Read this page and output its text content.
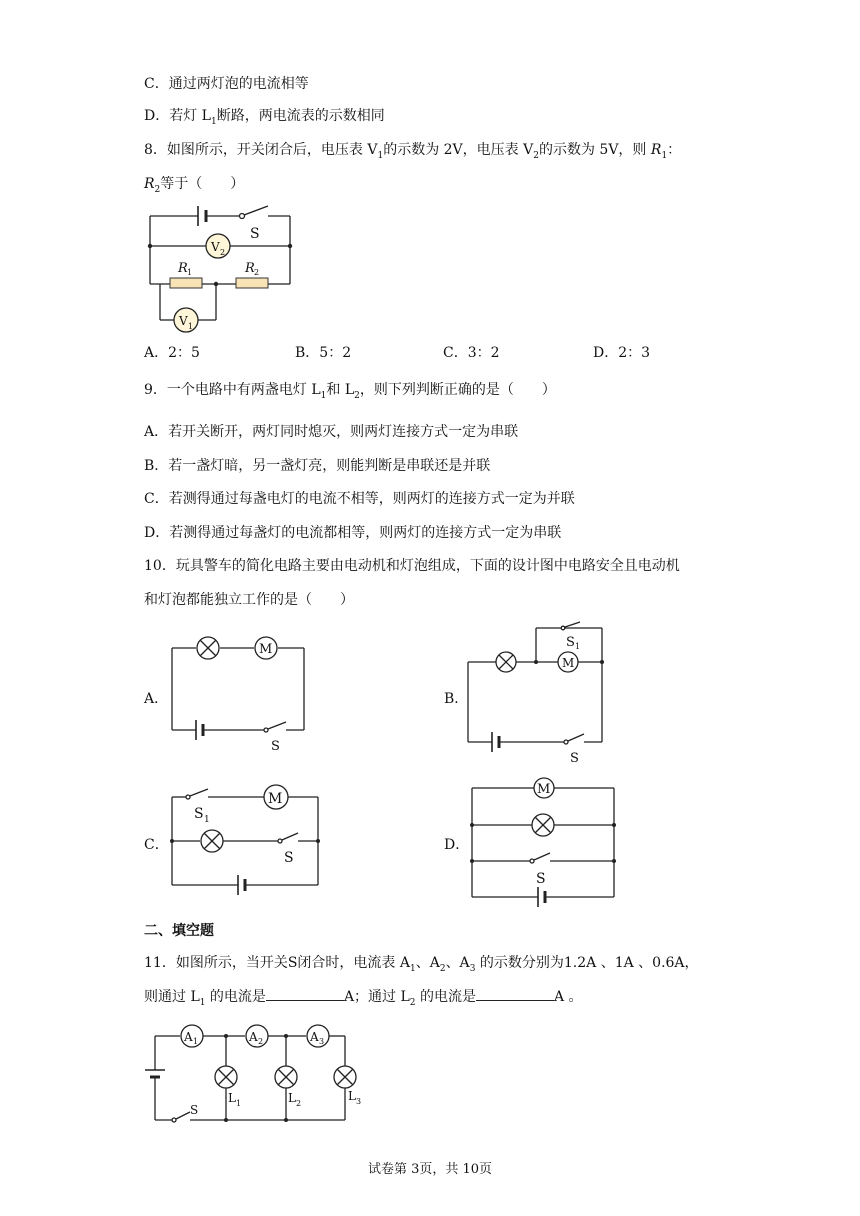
C．通过两灯泡的电流相等
D．若灯 $L_1$断路，两电流表的示数相同
8．如图所示，开关闭合后，电压表 $V_1$的示数为 2V，电压表 $V_2$的示数为 5V，则 $R_1$：
$R_2$等于（　　）
S
V 2
R 1	R 2
V 1
A．2：5	B．5：2	C．3：2	D．2：3
9．一个电路中有两盏电灯 $L_1$和 $L_2$，则下列判断正确的是（　　）
A．若开关断开，两灯同时熄灭，则两灯连接方式一定为串联
B．若一盏灯暗，另一盏灯亮，则能判断是串联还是并联
C．若测得通过每盏电灯的电流不相等，则两灯的连接方式一定为并联
D．若测得通过每盏灯的电流都相等，则两灯的连接方式一定为串联
10．玩具警车的简化电路主要由电动机和灯泡组成，下面的设计图中电路安全且电动机
和灯泡都能独立工作的是（　　）
A．	B．
C．	D．
M
S
S 1
M
S
S 1
M
S
M
S
二、填空题
11．如图所示，当开关S闭合时，电流表 $A_1$、$A_2$、$A_3$ 的示数分别为1.2A 、1A 、0.6A，
则通过 $L_1$ 的电流是	A；通过 $L_2$ 的电流是	A 。
A 1	A 2	A 3
S
L 1	L 2
L 3
试卷第 3页，共 10页
